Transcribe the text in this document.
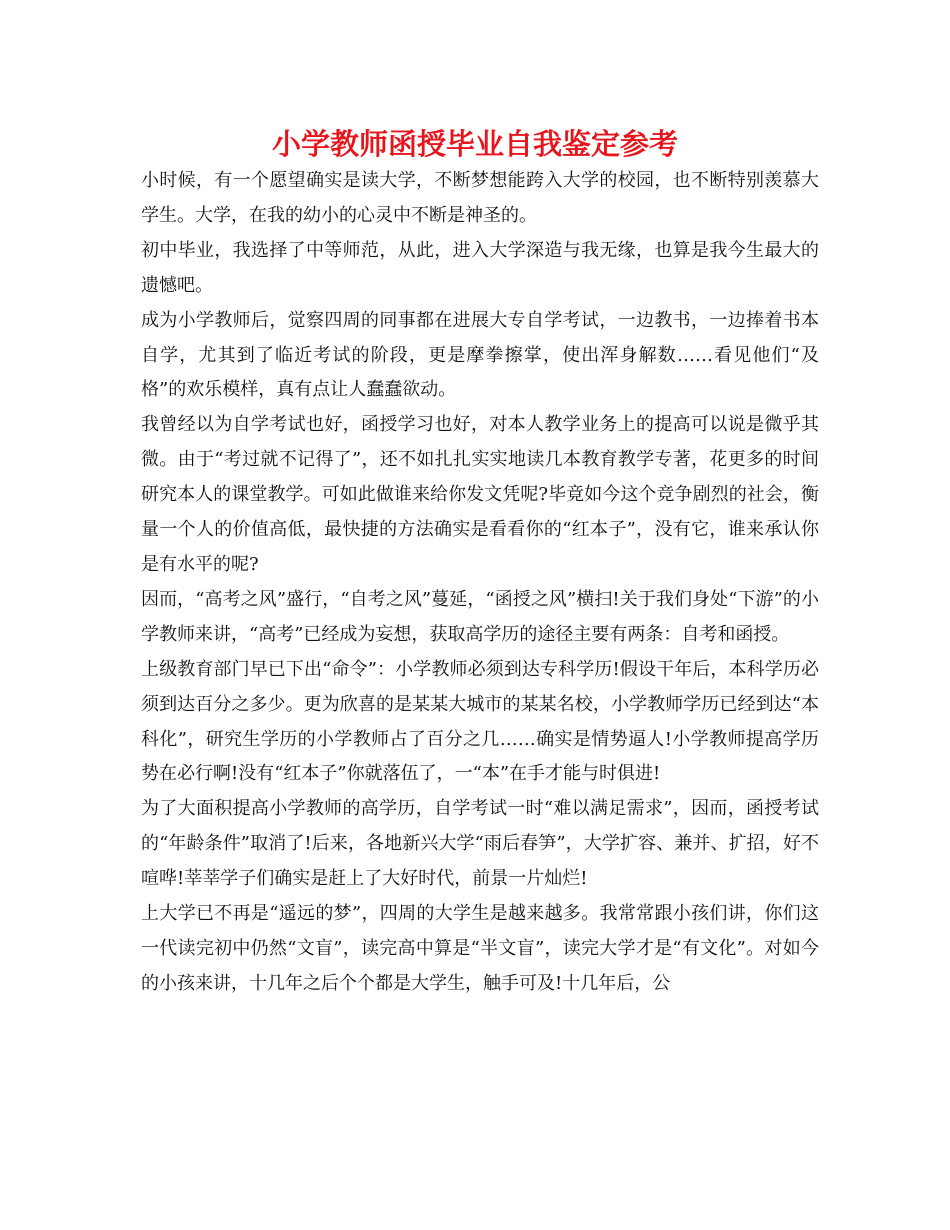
小学教师函授毕业自我鉴定参考

小时候，有一个愿望确实是读大学，不断梦想能跨入大学的校园，也不断特别羡慕大学生。大学，在我的幼小的心灵中不断是神圣的。

初中毕业，我选择了中等师范，从此，进入大学深造与我无缘，也算是我今生最大的遗憾吧。

成为小学教师后，觉察四周的同事都在进展大专自学考试，一边教书，一边捧着书本自学，尤其到了临近考试的阶段，更是摩拳擦掌，使出浑身解数……看见他们“及格”的欢乐模样，真有点让人蠢蠢欲动。

我曾经以为自学考试也好，函授学习也好，对本人教学业务上的提高可以说是微乎其微。由于“考过就不记得了”，还不如扎扎实实地读几本教育教学专著，花更多的时间研究本人的课堂教学。可如此做谁来给你发文凭呢?毕竟如今这个竞争剧烈的社会，衡量一个人的价值高低，最快捷的方法确实是看看你的“红本子”，没有它，谁来承认你是有水平的呢?

因而，“高考之风”盛行，“自考之风”蔓延，“函授之风”横扫!关于我们身处“下游”的小学教师来讲，“高考”已经成为妄想，获取高学历的途径主要有两条：自考和函授。

上级教育部门早已下出“命令”：小学教师必须到达专科学历!假设干年后，本科学历必须到达百分之多少。更为欣喜的是某某大城市的某某名校，小学教师学历已经到达“本科化”，研究生学历的小学教师占了百分之几……确实是情势逼人!小学教师提高学历势在必行啊!没有“红本子”你就落伍了，一“本”在手才能与时俱进!

为了大面积提高小学教师的高学历，自学考试一时“难以满足需求”，因而，函授考试的“年龄条件”取消了!后来，各地新兴大学“雨后春笋”，大学扩容、兼并、扩招，好不喧哗!莘莘学子们确实是赶上了大好时代，前景一片灿烂!

上大学已不再是“遥远的梦”，四周的大学生是越来越多。我常常跟小孩们讲，你们这一代读完初中仍然“文盲”，读完高中算是“半文盲”，读完大学才是“有文化”。对如今的小孩来讲，十几年之后个个都是大学生，触手可及!十几年后，公
